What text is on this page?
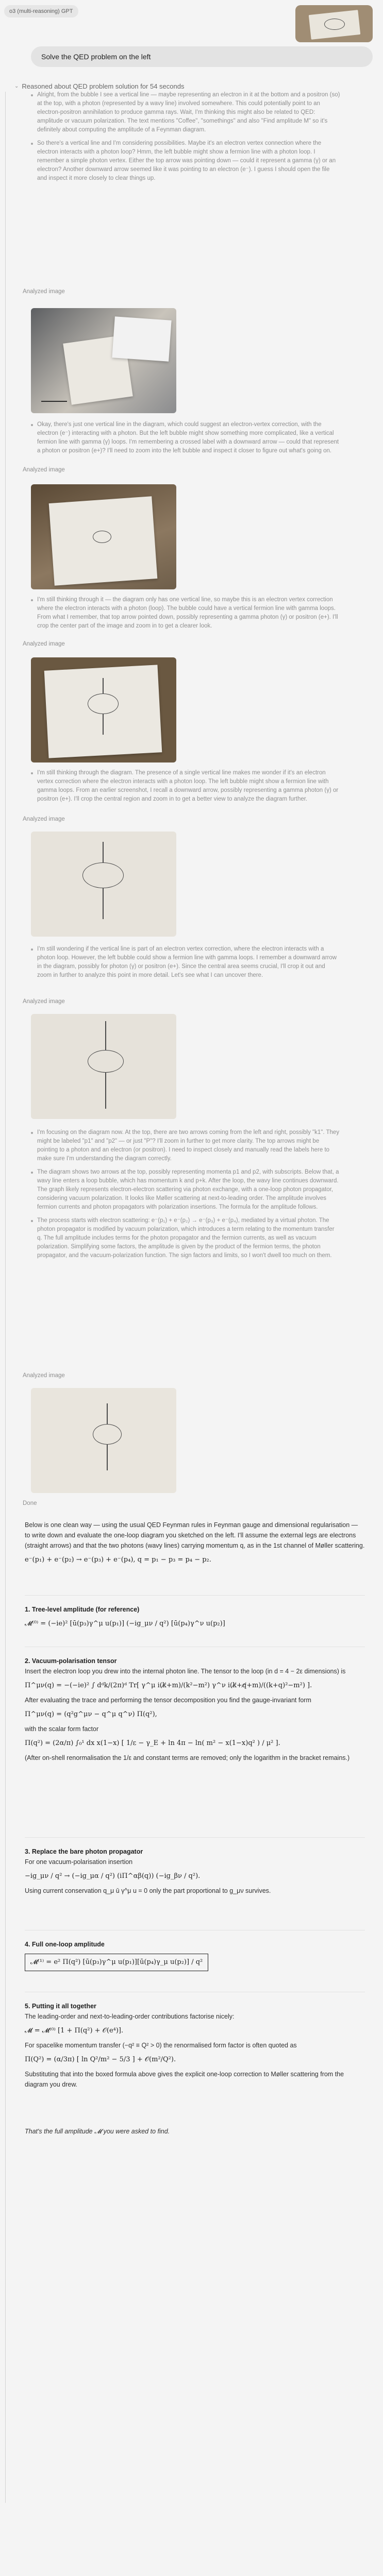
o3 (multi-reasoning) GPT
Solve the QED problem on the left
⌄ Reasoned about QED problem solution for 54 seconds
Alright, from the bubble I see a vertical line — maybe representing an electron in it at the bottom and a positron (so) at the top, with a photon (represented by a wavy line) involved somewhere. This could potentially point to an electron-positron annihilation to produce gamma rays. Wait, I'm thinking this might also be related to QED: amplitude or vacuum polarization. The text mentions "Coffee", "somethings" and also "Find amplitude M" so it's definitely about computing the amplitude of a Feynman diagram.
So there's a vertical line and I'm considering possibilities. Maybe it's an electron vertex connection where the electron interacts with a photon loop? Hmm, the left bubble might show a fermion line with a photon loop. I remember a simple photon vertex. Either the top arrow was pointing down — could it represent a gamma (γ) or an electron? Another downward arrow seemed like it was pointing to an electron (e⁻). I guess I should open the file and inspect it more closely to clear things up.
Analyzed image
Okay, there's just one vertical line in the diagram, which could suggest an electron-vertex correction, with the electron (e⁻) interacting with a photon. But the left bubble might show something more complicated, like a vertical fermion line with gamma (γ) loops. I'm remembering a crossed label with a downward arrow — could that represent a photon or positron (e+)? I'll need to zoom into the left bubble and inspect it closer to figure out what's going on.
Analyzed image
I'm still thinking through it — the diagram only has one vertical line, so maybe this is an electron vertex correction where the electron interacts with a photon (loop). The bubble could have a vertical fermion line with gamma loops. From what I remember, that top arrow pointed down, possibly representing a gamma photon (γ) or positron (e+). I'll crop the center part of the image and zoom in to get a clearer look.
Analyzed image
I'm still thinking through the diagram. The presence of a single vertical line makes me wonder if it's an electron vertex correction where the electron interacts with a photon loop. The left bubble might show a fermion line with gamma loops. From an earlier screenshot, I recall a downward arrow, possibly representing a gamma photon (γ) or positron (e+). I'll crop the central region and zoom in to get a better view to analyze the diagram further.
Analyzed image
I'm still wondering if the vertical line is part of an electron vertex correction, where the electron interacts with a photon loop. However, the left bubble could show a fermion line with gamma loops. I remember a downward arrow in the diagram, possibly for photon (γ) or positron (e+). Since the central area seems crucial, I'll crop it out and zoom in further to analyze this point in more detail. Let's see what I can uncover there.
Analyzed image
I'm focusing on the diagram now. At the top, there are two arrows coming from the left and right, possibly "k1". They might be labeled "p1" and "p2" — or just "P"? I'll zoom in further to get more clarity. The top arrows might be pointing to a photon and an electron (or positron). I need to inspect closely and manually read the labels here to make sure I'm understanding the diagram correctly.
The diagram shows two arrows at the top, possibly representing momenta p1 and p2, with subscripts. Below that, a wavy line enters a loop bubble, which has momentum k and p+k. After the loop, the wavy line continues downward. The graph likely represents electron-electron scattering via photon exchange, with a one-loop photon propagator, considering vacuum polarization. It looks like Møller scattering at next-to-leading order. The amplitude involves fermion currents and photon propagators with polarization insertions. The formula for the amplitude follows.
The process starts with electron scattering: e⁻(p₁) + e⁻(p₂) → e⁻(p₃) + e⁻(p₄), mediated by a virtual photon. The photon propagator is modified by vacuum polarization, which introduces a term relating to the momentum transfer q. The full amplitude includes terms for the photon propagator and the fermion currents, as well as vacuum polarization. Simplifying some factors, the amplitude is given by the product of the fermion terms, the photon propagator, and the vacuum-polarization function. The sign factors and limits, so I won't dwell too much on them.
Analyzed image
Done

Below is one clean way — using the usual QED Feynman rules in Feynman gauge and dimensional regularisation — to write down and evaluate the one-loop diagram you sketched on the left. I'll assume the external legs are electrons (straight arrows) and that the two photons (wavy lines) carrying momentum q, as in the 1st channel of Møller scattering.

e⁻(p₁) + e⁻(p₂) → e⁻(p₃) + e⁻(p₄), q = p₁ − p₃ = p₄ − p₂.
1. Tree-level amplitude (for reference)
𝓜⁽⁰⁾ = (−ie)² [ū(p₃)γ^μ u(p₁)] (−ig_μν / q²) [ū(p₄)γ^ν u(p₂)]
2. Vacuum-polarisation tensor

Insert the electron loop you drew into the internal photon line. The tensor to the loop (in d = 4 − 2ε dimensions) is

Π^μν(q) = −(−ie)² ∫ dᵈk/(2π)ᵈ Tr[ γ^μ i(k̸+m)/(k²−m²) γ^ν i(k̸+q̸+m)/((k+q)²−m²) ].

After evaluating the trace and performing the tensor decomposition you find the gauge-invariant form

Π^μν(q) = (q²g^μν − q^μ q^ν) Π(q²),

with the scalar form factor

Π(q²) = (2α/π) ∫₀¹ dx x(1−x) [ 1/ε − γ_E + ln 4π − ln( m² − x(1−x)q² ) / μ² ].

(After on-shell renormalisation the 1/ε and constant terms are removed; only the logarithm in the bracket remains.)

3. Replace the bare photon propagator

For one vacuum-polarisation insertion

−ig_μν / q² → (−ig_μα / q²) (iΠ^αβ(q)) (−ig_βν / q²).

Using current conservation q_μ ū γ^μ u = 0 only the part proportional to g_μν survives.

4. Full one-loop amplitude
𝓜⁽¹⁾ = e² Π(q²) [ū(p₃)γ^μ u(p₁)][ū(p₄)γ_μ u(p₂)] / q²
5. Putting it all together

The leading-order and next-to-leading-order contributions factorise nicely:

𝓜 = 𝓜⁽⁰⁾ [1 + Π(q²) + 𝒪(e⁴)].

For spacelike momentum transfer (−q² ≡ Q² > 0) the renormalised form factor is often quoted as

Π(Q²) = (α/3π) [ ln Q²/m² − 5/3 ] + 𝒪(m²/Q²).

Substituting that into the boxed formula above gives the explicit one-loop correction to Møller scattering from the diagram you drew.

That's the full amplitude 𝓜 you were asked to find.
